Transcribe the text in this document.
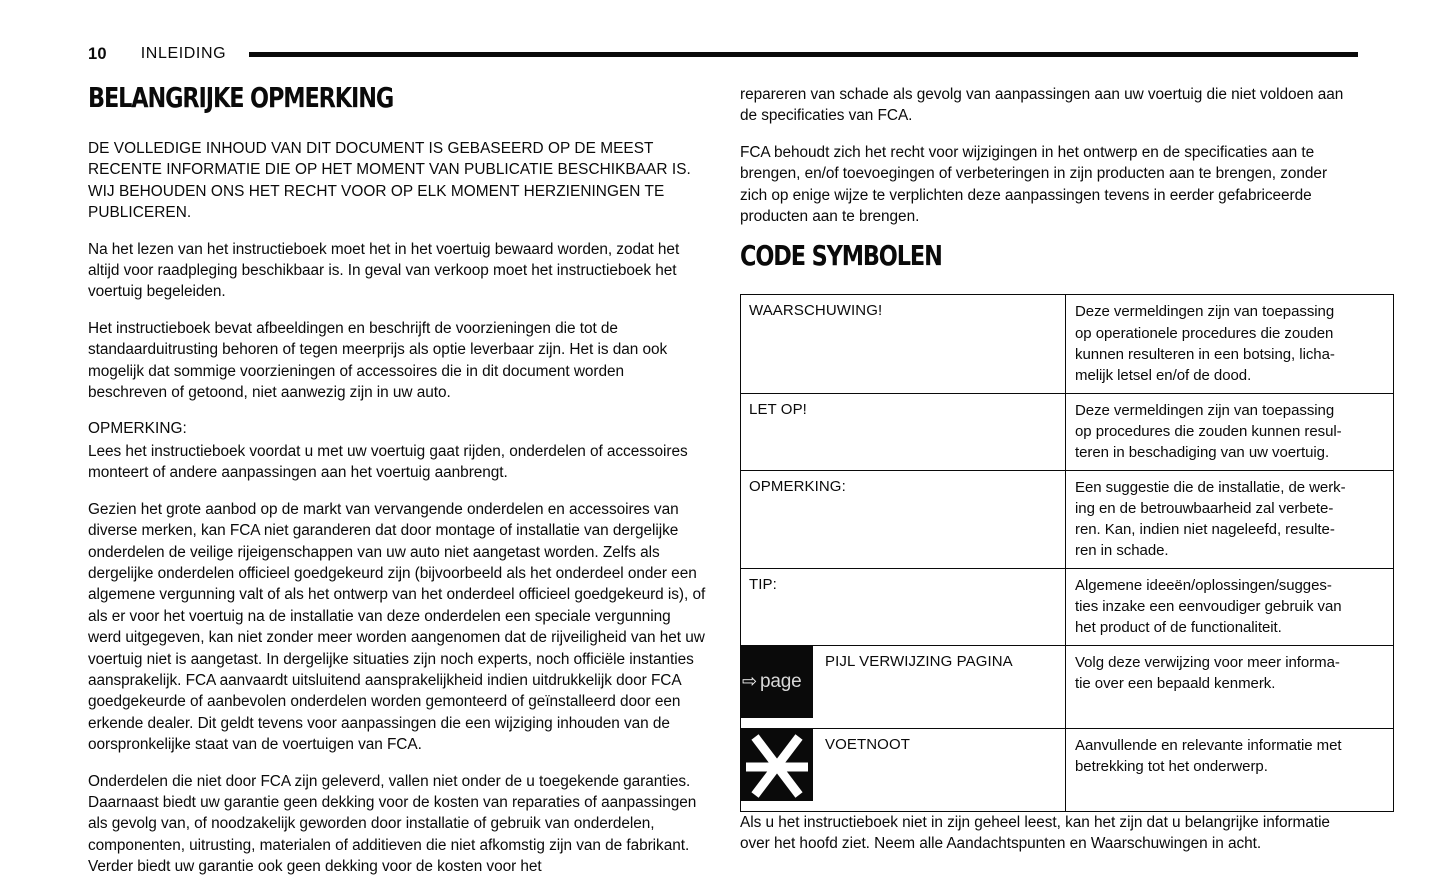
10 INLEIDING
BELANGRIJKE OPMERKING

DE VOLLEDIGE INHOUD VAN DIT DOCUMENT IS GEBASEERD OP DE MEEST RECENTE INFORMATIE DIE OP HET MOMENT VAN PUBLICATIE BESCHIKBAAR IS. WIJ BEHOUDEN ONS HET RECHT VOOR OP ELK MOMENT HERZIENINGEN TE PUBLICEREN.

Na het lezen van het instructieboek moet het in het voertuig bewaard worden, zodat het altijd voor raadpleging beschikbaar is. In geval van verkoop moet het instructieboek het voertuig begeleiden.

Het instructieboek bevat afbeeldingen en beschrijft de voorzieningen die tot de standaarduitrusting behoren of tegen meerprijs als optie leverbaar zijn. Het is dan ook mogelijk dat sommige voorzieningen of accessoires die in dit document worden beschreven of getoond, niet aanwezig zijn in uw auto.

OPMERKING:

Lees het instructieboek voordat u met uw voertuig gaat rijden, onderdelen of accessoires monteert of andere aanpassingen aan het voertuig aanbrengt.

Gezien het grote aanbod op de markt van vervangende onderdelen en accessoires van diverse merken, kan FCA niet garanderen dat door montage of installatie van dergelijke onderdelen de veilige rijeigenschappen van uw auto niet aangetast worden. Zelfs als dergelijke onderdelen officieel goedgekeurd zijn (bijvoorbeeld als het onderdeel onder een algemene vergunning valt of als het ontwerp van het onderdeel officieel goedgekeurd is), of als er voor het voertuig na de installatie van deze onderdelen een speciale vergunning werd uitgegeven, kan niet zonder meer worden aangenomen dat de rijveiligheid van het uw voertuig niet is aangetast. In dergelijke situaties zijn noch experts, noch officiële instanties aansprakelijk. FCA aanvaardt uitsluitend aansprakelijkheid indien uitdrukkelijk door FCA goedgekeurde of aanbevolen onderdelen worden gemonteerd of geïnstalleerd door een erkende dealer. Dit geldt tevens voor aanpassingen die een wijziging inhouden van de oorspronkelijke staat van de voertuigen van FCA.

Onderdelen die niet door FCA zijn geleverd, vallen niet onder de u toegekende garanties. Daarnaast biedt uw garantie geen dekking voor de kosten van reparaties of aanpassingen als gevolg van, of noodzakelijk geworden door installatie of gebruik van onderdelen, componenten, uitrusting, materialen of additieven die niet afkomstig zijn van de fabrikant. Verder biedt uw garantie ook geen dekking voor de kosten voor het

repareren van schade als gevolg van aanpassingen aan uw voertuig die niet voldoen aan de specificaties van FCA.

FCA behoudt zich het recht voor wijzigingen in het ontwerp en de specificaties aan te brengen, en/of toevoegingen of verbeteringen in zijn producten aan te brengen, zonder zich op enige wijze te verplichten deze aanpassingen tevens in eerder gefabriceerde producten aan te brengen.

CODE SYMBOLEN
WAARSCHUWING!	Deze vermeldingen zijn van toepassing
op operationele procedures die zouden
kunnen resulteren in een botsing, licha-
melijk letsel en/of de dood.

LET OP!	Deze vermeldingen zijn van toepassing
op procedures die zouden kunnen resul-
teren in beschadiging van uw voertuig.

OPMERKING:	Een suggestie die de installatie, de werk-
ing en de betrouwbaarheid zal verbete-
ren. Kan, indien niet nageleefd, resulte-
ren in schade.

TIP:	Algemene ideeën/oplossingen/sugges-
ties inzake een eenvoudiger gebruik van
het product of de functionaliteit.

⇨ page
PIJL VERWIJZING PAGINA	Volg deze verwijzing voor meer informa-
tie over een bepaald kenmerk.

VOETNOOT	Aanvullende en relevante informatie met
betrekking tot het onderwerp.

Als u het instructieboek niet in zijn geheel leest, kan het zijn dat u belangrijke informatie over het hoofd ziet. Neem alle Aandachtspunten en Waarschuwingen in acht.
